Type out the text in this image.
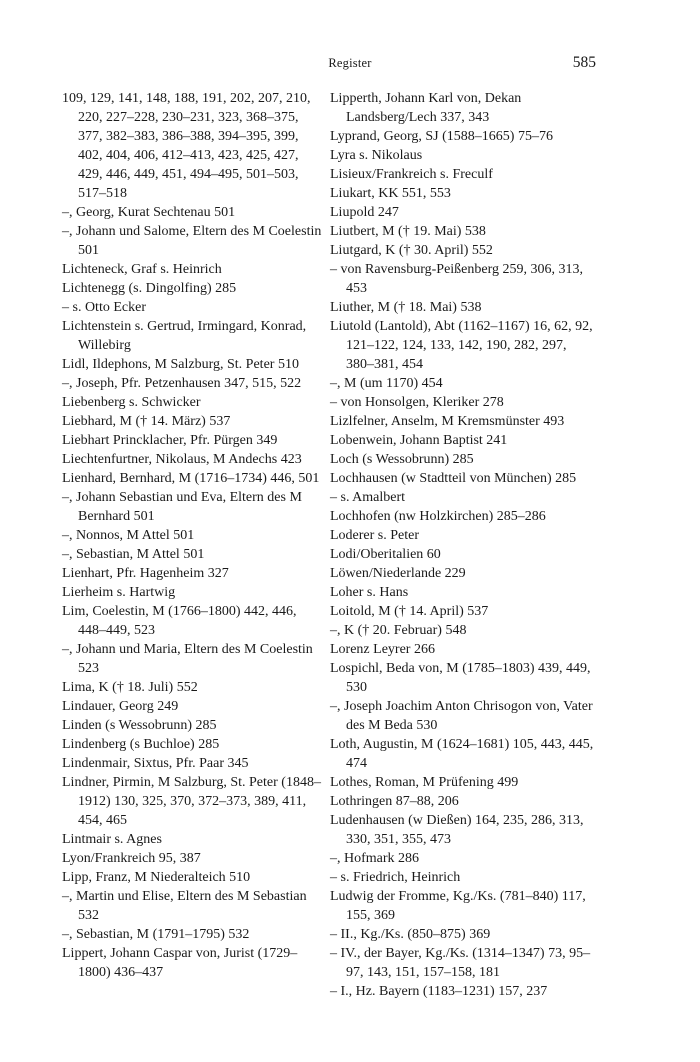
Register	585

109, 129, 141, 148, 188, 191, 202, 207, 210, 220, 227–228, 230–231, 323, 368–375, 377, 382–383, 386–388, 394–395, 399, 402, 404, 406, 412–413, 423, 425, 427, 429, 446, 449, 451, 494–495, 501–503, 517–518

–, Georg, Kurat Sechtenau 501

–, Johann und Salome, Eltern des M Coelestin 501

Lichteneck, Graf s. Heinrich

Lichtenegg (s. Dingolfing) 285

– s. Otto Ecker

Lichtenstein s. Gertrud, Irmingard, Konrad, Willebirg

Lidl, Ildephons, M Salzburg, St. Peter 510

–, Joseph, Pfr. Petzenhausen 347, 515, 522

Liebenberg s. Schwicker

Liebhard, M († 14. März) 537

Liebhart Princklacher, Pfr. Pürgen 349

Liechtenfurtner, Nikolaus, M Andechs 423

Lienhard, Bernhard, M (1716–1734) 446, 501

–, Johann Sebastian und Eva, Eltern des M Bernhard 501

–, Nonnos, M Attel 501

–, Sebastian, M Attel 501

Lienhart, Pfr. Hagenheim 327

Lierheim s. Hartwig

Lim, Coelestin, M (1766–1800) 442, 446, 448–449, 523

–, Johann und Maria, Eltern des M Coelestin 523

Lima, K († 18. Juli) 552

Lindauer, Georg 249

Linden (s Wessobrunn) 285

Lindenberg (s Buchloe) 285

Lindenmair, Sixtus, Pfr. Paar 345

Lindner, Pirmin, M Salzburg, St. Peter (1848–1912) 130, 325, 370, 372–373, 389, 411, 454, 465

Lintmair s. Agnes

Lyon/Frankreich 95, 387

Lipp, Franz, M Niederalteich 510

–, Martin und Elise, Eltern des M Sebastian 532

–, Sebastian, M (1791–1795) 532

Lippert, Johann Caspar von, Jurist (1729–1800) 436–437

Lipperth, Johann Karl von, Dekan Landsberg/Lech 337, 343

Lyprand, Georg, SJ (1588–1665) 75–76

Lyra s. Nikolaus

Lisieux/Frankreich s. Freculf

Liukart, KK 551, 553

Liupold 247

Liutbert, M († 19. Mai) 538

Liutgard, K († 30. April) 552

– von Ravensburg-Peißenberg 259, 306, 313, 453

Liuther, M († 18. Mai) 538

Liutold (Lantold), Abt (1162–1167) 16, 62, 92, 121–122, 124, 133, 142, 190, 282, 297, 380–381, 454

–, M (um 1170) 454

– von Honsolgen, Kleriker 278

Lizlfelner, Anselm, M Kremsmünster 493

Lobenwein, Johann Baptist 241

Loch (s Wessobrunn) 285

Lochhausen (w Stadtteil von München) 285

– s. Amalbert

Lochhofen (nw Holzkirchen) 285–286

Loderer s. Peter

Lodi/Oberitalien 60

Löwen/Niederlande 229

Loher s. Hans

Loitold, M († 14. April) 537

–, K († 20. Februar) 548

Lorenz Leyrer 266

Lospichl, Beda von, M (1785–1803) 439, 449, 530

–, Joseph Joachim Anton Chrisogon von, Vater des M Beda 530

Loth, Augustin, M (1624–1681) 105, 443, 445, 474

Lothes, Roman, M Prüfening 499

Lothringen 87–88, 206

Ludenhausen (w Dießen) 164, 235, 286, 313, 330, 351, 355, 473

–, Hofmark 286

– s. Friedrich, Heinrich

Ludwig der Fromme, Kg./Ks. (781–840) 117, 155, 369

– II., Kg./Ks. (850–875) 369

– IV., der Bayer, Kg./Ks. (1314–1347) 73, 95–97, 143, 151, 157–158, 181

– I., Hz. Bayern (1183–1231) 157, 237
